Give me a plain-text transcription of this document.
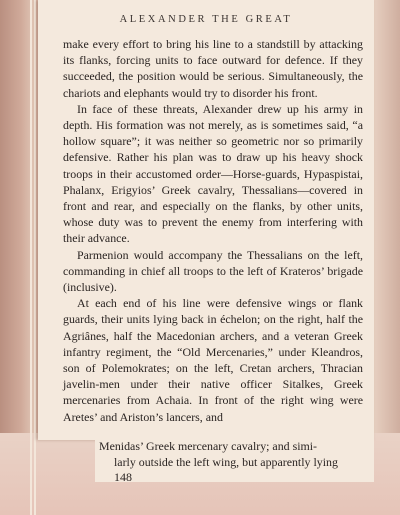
ALEXANDER THE GREAT

make every effort to bring his line to a standstill by attacking its flanks, forcing units to face outward for defence. If they succeeded, the position would be serious. Simultaneously, the chariots and elephants would try to disorder his front.

In face of these threats, Alexander drew up his army in depth. His formation was not merely, as is sometimes said, “a hollow square”; it was neither so geometric nor so primarily defensive. Rather his plan was to draw up his heavy shock troops in their accustomed order—Horse-guards, Hypaspistai, Phalanx, Erigyios’ Greek cavalry, Thessalians—covered in front and rear, and especially on the flanks, by other units, whose duty was to prevent the enemy from interfering with their advance.

Parmenion would accompany the Thessalians on the left, commanding in chief all troops to the left of Krateros’ brigade (inclusive).

At each end of his line were defensive wings or flank guards, their units lying back in échelon; on the right, half the Agriânes, half the Macedonian archers, and a veteran Greek infantry regiment, the “Old Mercenaries,” under Kleandros, son of Polemokrates; on the left, Cretan archers, Thracian javelin-men under their native officer Sitalkes, Greek mercenaries from Achaia. In front of the right wing were Aretes’ and Ariston’s lancers, and

Menidas’ Greek mercenary cavalry; and simi-
larly outside the left wing, but apparently lying
148
